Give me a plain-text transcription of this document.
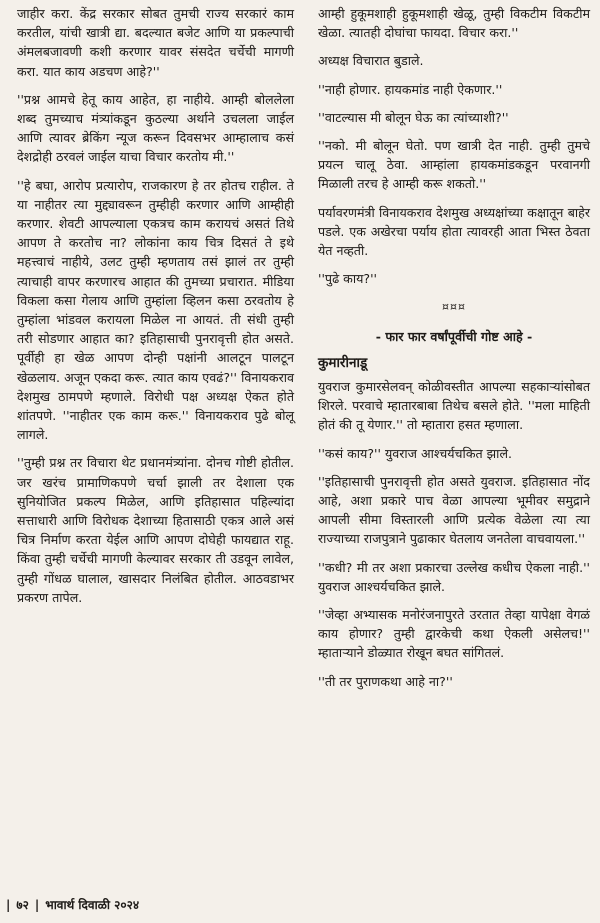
जाहीर करा. केंद्र सरकार सोबत तुमची राज्य सरकारं काम करतील, यांची खात्री द्या. बदल्यात बजेट आणि या प्रकल्पाची अंमलबजावणी कशी करणार यावर संसदेत चर्चेची मागणी करा. यात काय अडचण आहे?''

''प्रश्न आमचे हेतू काय आहेत, हा नाहीये. आम्ही बोललेला शब्द तुमच्याच मंत्र्यांकडून कुठल्या अर्थाने उचलला जाईल आणि त्यावर ब्रेकिंग न्यूज करून दिवसभर आम्हालाच कसं देशद्रोही ठरवलं जाईल याचा विचार करतोय मी.''

''हे बघा, आरोप प्रत्यारोप, राजकारण हे तर होतच राहील. ते या नाहीतर त्या मुद्द्यावरून तुम्हीही करणार आणि आम्हीही करणार. शेवटी आपल्याला एकत्रच काम करायचं असतं तिथे आपण ते करतोच ना? लोकांना काय चित्र दिसतं ते इथे महत्त्वाचं नाहीये, उलट तुम्ही म्हणताय तसं झालं तर तुम्ही त्याचाही वापर करणारच आहात की तुमच्या प्रचारात. मीडिया विकला कसा गेलाय आणि तुम्हांला व्हिलन कसा ठरवतोय हे तुम्हांला भांडवल करायला मिळेल ना आयतं. ती संधी तुम्ही तरी सोडणार आहात का? इतिहासाची पुनरावृत्ती होत असते. पूर्वीही हा खेळ आपण दोन्ही पक्षांनी आलटून पालटून खेळलाय. अजून एकदा करू. त्यात काय एवढं?'' विनायकराव देशमुख ठामपणे म्हणाले. विरोधी पक्ष अध्यक्ष ऐकत होते शांतपणे. ''नाहीतर एक काम करू.'' विनायकराव पुढे बोलू लागले.

''तुम्ही प्रश्न तर विचारा थेट प्रधानमंत्र्यांना. दोनच गोष्टी होतील. जर खरंच प्रामाणिकपणे चर्चा झाली तर देशाला एक सुनियोजित प्रकल्प मिळेल, आणि इतिहासात पहिल्यांदा सत्ताधारी आणि विरोधक देशाच्या हितासाठी एकत्र आले असं चित्र निर्माण करता येईल आणि आपण दोघेही फायद्यात राहू. किंवा तुम्ही चर्चेची मागणी केल्यावर सरकार ती उडवून लावेल, तुम्ही गोंधळ घालाल, खासदार निलंबित होतील. आठवडाभर प्रकरण तापेल.

आम्ही हुकूमशाही हुकूमशाही खेळू, तुम्ही विकटीम विकटीम खेळा. त्यातही दोघांचा फायदा. विचार करा.''

अध्यक्ष विचारात बुडाले.

''नाही होणार. हायकमांड नाही ऐकणार.''

''वाटल्यास मी बोलून घेऊ का त्यांच्याशी?''

''नको. मी बोलून घेतो. पण खात्री देत नाही. तुम्ही तुमचे प्रयत्न चालू ठेवा. आम्हांला हायकमांडकडून परवानगी मिळाली तरच हे आम्ही करू शकतो.''

पर्यावरणमंत्री विनायकराव देशमुख अध्यक्षांच्या कक्षातून बाहेर पडले. एक अखेरचा पर्याय होता त्यावरही आता भिस्त ठेवता येत नव्हती.

''पुढे काय?''

¤¤¤
- फार फार वर्षांपूर्वीची गोष्ट आहे -
कुमारीनाडू

युवराज कुमारसेलवन् कोळीवस्तीत आपल्या सहकाऱ्यांसोबत शिरले. परवाचे म्हातारबाबा तिथेच बसले होते. ''मला माहिती होतं की तू येणार.'' तो म्हातारा हसत म्हणाला.

''कसं काय?'' युवराज आश्चर्यचकित झाले.

''इतिहासाची पुनरावृत्ती होत असते युवराज. इतिहासात नोंद आहे, अशा प्रकारे पाच वेळा आपल्या भूमीवर समुद्राने आपली सीमा विस्तारली आणि प्रत्येक वेळेला त्या त्या राज्याच्या राजपुत्राने पुढाकार घेतलाय जनतेला वाचवायला.''

''कधी? मी तर अशा प्रकारचा उल्लेख कधीच ऐकला नाही.'' युवराज आश्चर्यचकित झाले.

''जेव्हा अभ्यासक मनोरंजनापुरते उरतात तेव्हा यापेक्षा वेगळं काय होणार? तुम्ही द्वारकेची कथा ऐकली असेलच!'' म्हाताऱ्याने डोळ्यात रोखून बघत सांगितलं.

''ती तर पुराणकथा आहे ना?''

| ७२ | भावार्थ दिवाळी २०२४
